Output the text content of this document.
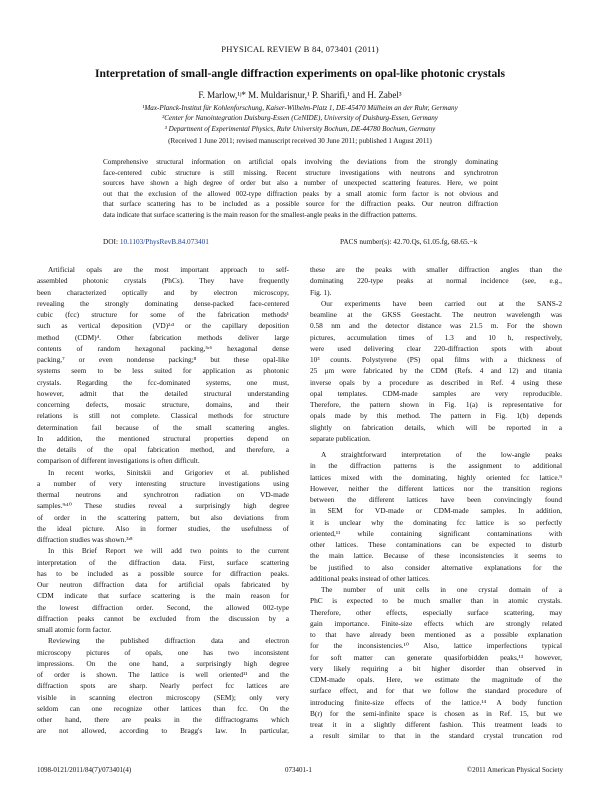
PHYSICAL REVIEW B 84, 073401 (2011)
Interpretation of small-angle diffraction experiments on opal-like photonic crystals
F. Marlow,¹ʲ* M. Muldarisnur,¹ P. Sharifi,¹ and H. Zabel³
¹Max-Planck-Institut für Kohlenforschung, Kaiser-Wilhelm-Platz 1, DE-45470 Mülheim an der Ruhr, Germany
²Center for Nanointegration Duisburg-Essen (CeNIDE), University of Duisburg-Essen, Germany
³ Department of Experimental Physics, Ruhr University Bochum, DE-44780 Bochum, Germany
(Received 1 June 2011; revised manuscript received 30 June 2011; published 1 August 2011)
Comprehensive structural information on artificial opals involving the deviations from the strongly dominating
face-centered cubic structure is still missing. Recent structure investigations with neutrons and synchrotron
sources have shown a high degree of order but also a number of unexpected scattering features. Here, we point
out that the exclusion of the allowed 002-type diffraction peaks by a small atomic form factor is not obvious and
that surface scattering has to be included as a possible source for the diffraction peaks. Our neutron diffraction
data indicate that surface scattering is the main reason for the smallest-angle peaks in the diffraction patterns.
DOI: 10.1103/PhysRevB.84.073401	PACS number(s): 42.70.Qs, 61.05.fg, 68.65.−k
Artificial opals are the most important approach to self-
assembled photonic crystals (PhCs). They have frequently
been characterized optically and by electron microscopy,
revealing the strongly dominating dense-packed face-centered
cubic (fcc) structure for some of the fabrication methods¹
such as vertical deposition (VD)²ʴ³ or the capillary deposition
method (CDM)⁴. Other fabrication methods deliver large
contents of random hexagonal packing,⁵ʴ⁶ hexagonal dense
packing,⁷ or even nondense packing;⁸ but these opal-like
systems seem to be less suited for application as photonic
crystals. Regarding the fcc-dominated systems, one must,
however, admit that the detailed structural understanding
concerning defects, mosaic structure, domains, and their
relations is still not complete. Classical methods for structure
determination fail because of the small scattering angles.
In addition, the mentioned structural properties depend on
the details of the opal fabrication method, and therefore, a
comparison of different investigations is often difficult.
In recent works, Sinitskii and Grigoriev et al. published
a number of very interesting structure investigations using
thermal neutrons and synchrotron radiation on VD-made
samples.⁹ʴ¹⁰ These studies reveal a surprisingly high degree
of order in the scattering pattern, but also deviations from
the ideal picture. Also in former studies, the usefulness of
diffraction studies was shown.³ʴ⁸
In this Brief Report we will add two points to the current
interpretation of the diffraction data. First, surface scattering
has to be included as a possible source for diffraction peaks.
Our neutron diffraction data for artificial opals fabricated by
CDM indicate that surface scattering is the main reason for
the lowest diffraction order. Second, the allowed 002-type
diffraction peaks cannot be excluded from the discussion by a
small atomic form factor.
Reviewing the published diffraction data and electron
microscopy pictures of opals, one has two inconsistent
impressions. On the one hand, a surprisingly high degree
of order is shown. The lattice is well oriented¹¹ and the
diffraction spots are sharp. Nearly perfect fcc lattices are
visible in scanning electron microscopy (SEM); only very
seldom can one recognize other lattices than fcc. On the
other hand, there are peaks in the diffractograms which
are not allowed, according to Bragg's law. In particular,
these are the peaks with smaller diffraction angles than the
dominating 220-type peaks at normal incidence (see, e.g.,
Fig. 1).
Our experiments have been carried out at the SANS-2
beamline at the GKSS Geestacht. The neutron wavelength was
0.58 nm and the detector distance was 21.5 m. For the shown
pictures, accumulation times of 1.3 and 10 h, respectively,
were used delivering clear 220-diffraction spots with about
10³ counts. Polystyrene (PS) opal films with a thickness of
25 μm were fabricated by the CDM (Refs. 4 and 12) and titania
inverse opals by a procedure as described in Ref. 4 using these
opal templates. CDM-made samples are very reproducible.
Therefore, the pattern shown in Fig. 1(a) is representative for
opals made by this method. The pattern in Fig. 1(b) depends
slightly on fabrication details, which will be reported in a
separate publication.
A straightforward interpretation of the low-angle peaks
in the diffraction patterns is the assignment to additional
lattices mixed with the dominating, highly oriented fcc lattice.⁹
However, neither the different lattices nor the transition regions
between the different lattices have been convincingly found
in SEM for VD-made or CDM-made samples. In addition,
it is unclear why the dominating fcc lattice is so perfectly
oriented,¹¹ while containing significant contaminations with
other lattices. These contaminations can be expected to disturb
the main lattice. Because of these inconsistencies it seems to
be justified to also consider alternative explanations for the
additional peaks instead of other lattices.
The number of unit cells in one crystal domain of a
PhC is expected to be much smaller than in atomic crystals.
Therefore, other effects, especially surface scattering, may
gain importance. Finite-size effects which are strongly related
to that have already been mentioned as a possible explanation
for the inconsistencies.¹⁰ Also, lattice imperfections typical
for soft matter can generate quasiforbidden peaks,¹³ however,
very likely requiring a bit higher disorder than observed in
CDM-made opals. Here, we estimate the magnitude of the
surface effect, and for that we follow the standard procedure of
introducing finite-size effects of the lattice.¹⁴ A body function
B(r) for the semi-infinite space is chosen as in Ref. 15, but we
treat it in a slightly different fashion. This treatment leads to
a result similar to that in the standard crystal truncation rod
1098-0121/2011/84(7)/073401(4)	073401-1	©2011 American Physical Society
